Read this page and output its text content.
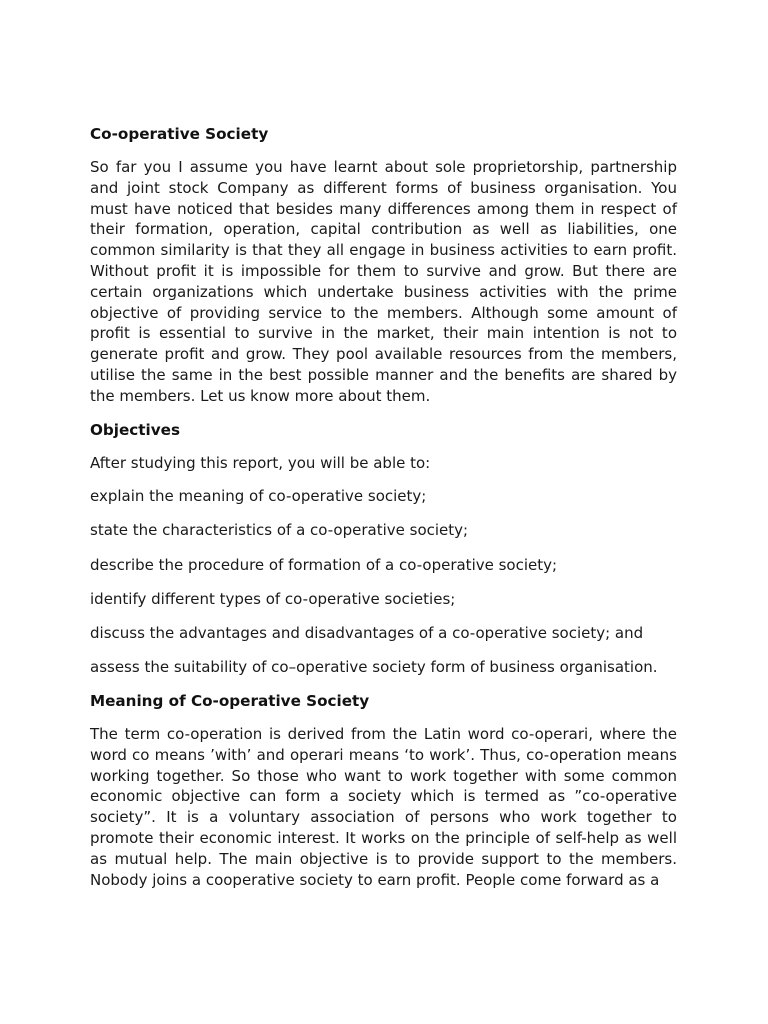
Co-operative Society

So far you I assume you have learnt about sole proprietorship, partnership and joint stock Company as different forms of business organisation. You must have noticed that besides many differences among them in respect of their formation, operation, capital contribution as well as liabilities, one common similarity is that they all engage in business activities to earn profit. Without profit it is impossible for them to survive and grow. But there are certain organizations which undertake business activities with the prime objective of providing service to the members. Although some amount of profit is essential to survive in the market, their main intention is not to generate profit and grow. They pool available resources from the members, utilise the same in the best possible manner and the benefits are shared by the members. Let us know more about them.

Objectives

After studying this report, you will be able to:

explain the meaning of co-operative society;
state the characteristics of a co-operative society;
describe the procedure of formation of a co-operative society;
identify different types of co-operative societies;
discuss the advantages and disadvantages of a co-operative society; and
assess the suitability of co–operative society form of business organisation.
Meaning of Co-operative Society

The term co-operation is derived from the Latin word co-operari, where the word co means ’with’ and operari means ‘to work’. Thus, co-operation means working together. So those who want to work together with some common economic objective can form a society which is termed as ”co-operative society”. It is a voluntary association of persons who work together to promote their economic interest. It works on the principle of self-help as well as mutual help. The main objective is to provide support to the members. Nobody joins a cooperative society to earn profit. People come forward as a
